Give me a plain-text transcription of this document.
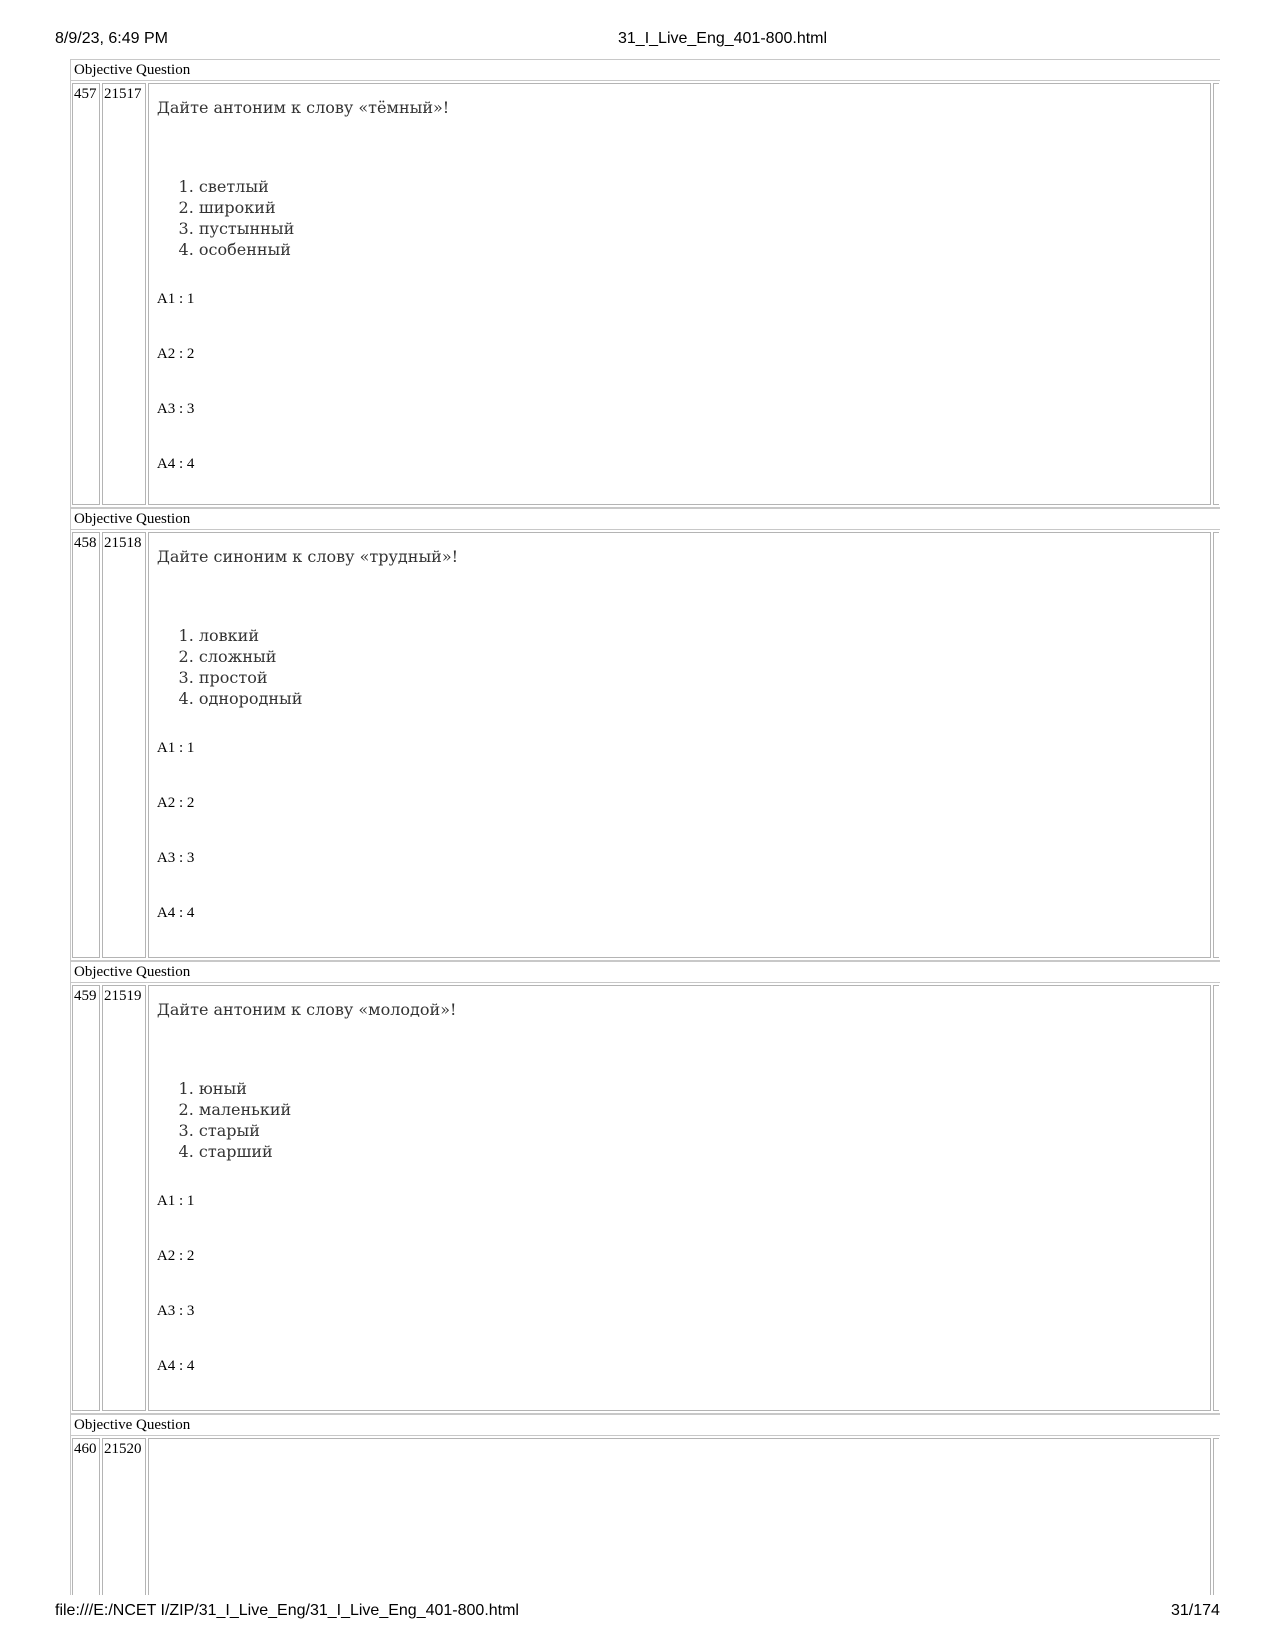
8/9/23, 6:49 PM	31_I_Live_Eng_401-800.html
Objective Question
457 21517

Дайте антоним к слову «тёмный»!

1. светлый
2. широкий
3. пустынный
4. особенный

A1 : 1

A2 : 2

A3 : 3

A4 : 4

Objective Question
458 21518

Дайте синоним к слову «трудный»!

1. ловкий
2. сложный
3. простой
4. однородный

A1 : 1

A2 : 2

A3 : 3

A4 : 4

Objective Question
459 21519

Дайте антоним к слову «молодой»!

1. юный
2. маленький
3. старый
4. старший

A1 : 1

A2 : 2

A3 : 3

A4 : 4

Objective Question
460 21520
file:///E:/NCET I/ZIP/31_I_Live_Eng/31_I_Live_Eng_401-800.html	31/174
